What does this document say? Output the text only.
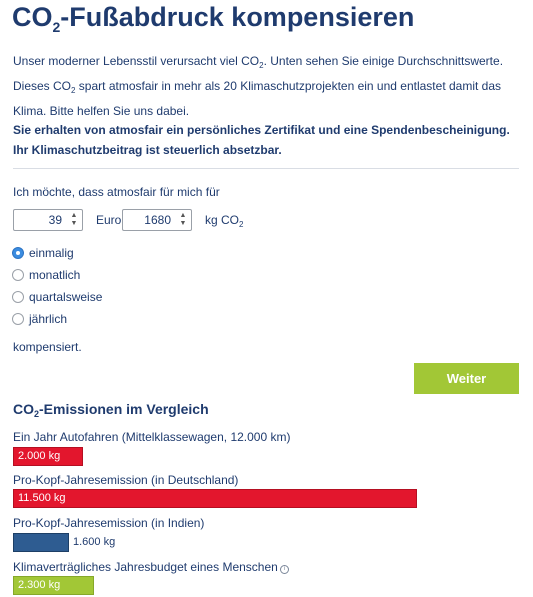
$CO_2$-Fußabdruck kompensieren

Unser moderner Lebensstil verursacht viel $CO_2$. Unten sehen Sie einige Durchschnittswerte. Dieses $CO_2$ spart atmosfair in mehr als 20 Klimaschutzprojekten ein und entlastet damit das Klima. Bitte helfen Sie uns dabei.

Sie erhalten von atmosfair ein persönliches Zertifikat und eine Spendenbescheinigung. Ihr Klimaschutzbeitrag ist steuerlich absetzbar.

Ich möchte, dass atmosfair für mich für
39 ▲
▼ Euro 1680 ▲
▼ kg $CO_2$
einmalig
monatlich
quartalsweise
jährlich
kompensiert.
Weiter
$CO_2$-Emissionen im Vergleich
Ein Jahr Autofahren (Mittelklassewagen, 12.000 km)
2.000 kg
Pro-Kopf-Jahresemission (in Deutschland)
11.500 kg
Pro-Kopf-Jahresemission (in Indien)
1.600 kg
Klimaverträgliches Jahresbudget eines Menschen i
2.300 kg
